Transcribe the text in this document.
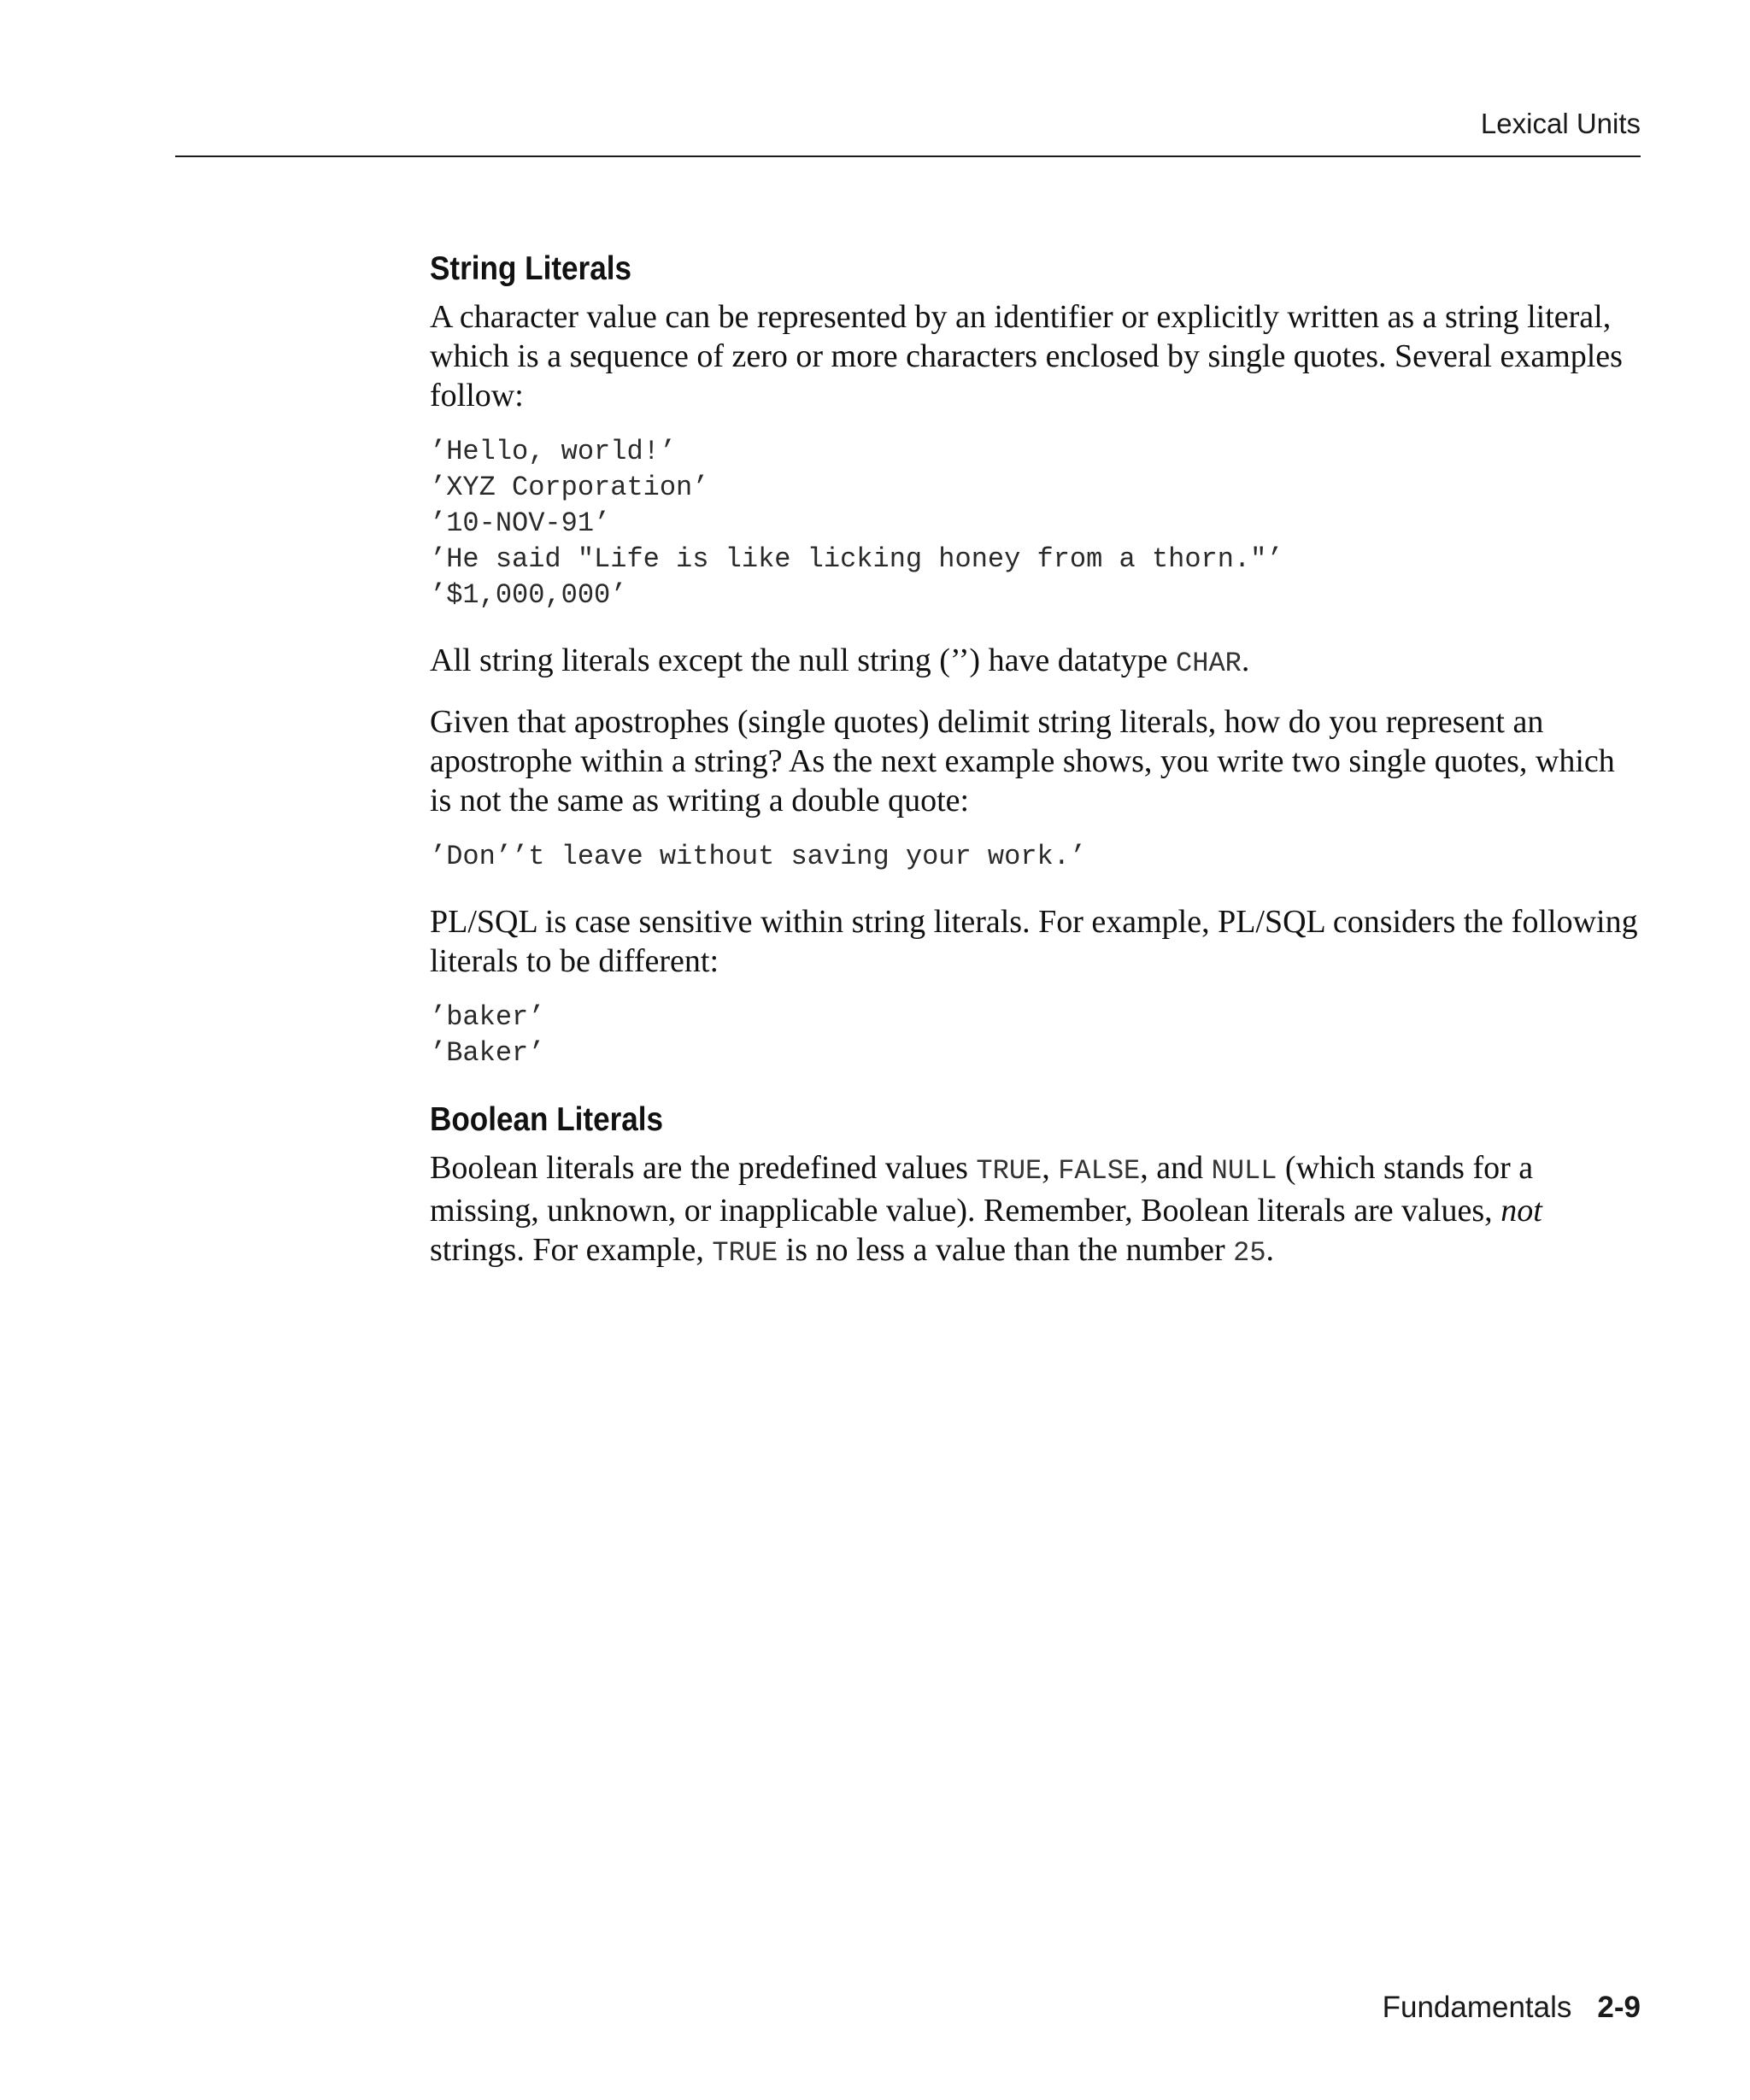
Lexical Units
String Literals

A character value can be represented by an identifier or explicitly written as a string literal, which is a sequence of zero or more characters enclosed by single quotes. Several examples follow:

’Hello, world!’
’XYZ Corporation’
’10-NOV-91’
’He said "Life is like licking honey from a thorn."’
’$1,000,000’

All string literals except the null string (’’) have datatype CHAR.

Given that apostrophes (single quotes) delimit string literals, how do you represent an apostrophe within a string? As the next example shows, you write two single quotes, which is not the same as writing a double quote:

’Don’’t leave without saving your work.’

PL/SQL is case sensitive within string literals. For example, PL/SQL considers the following literals to be different:

’baker’
’Baker’
Boolean Literals

Boolean literals are the predefined values TRUE, FALSE, and NULL (which stands for a missing, unknown, or inapplicable value). Remember, Boolean literals are values, not strings. For example, TRUE is no less a value than the number 25.

Fundamentals 2-9
